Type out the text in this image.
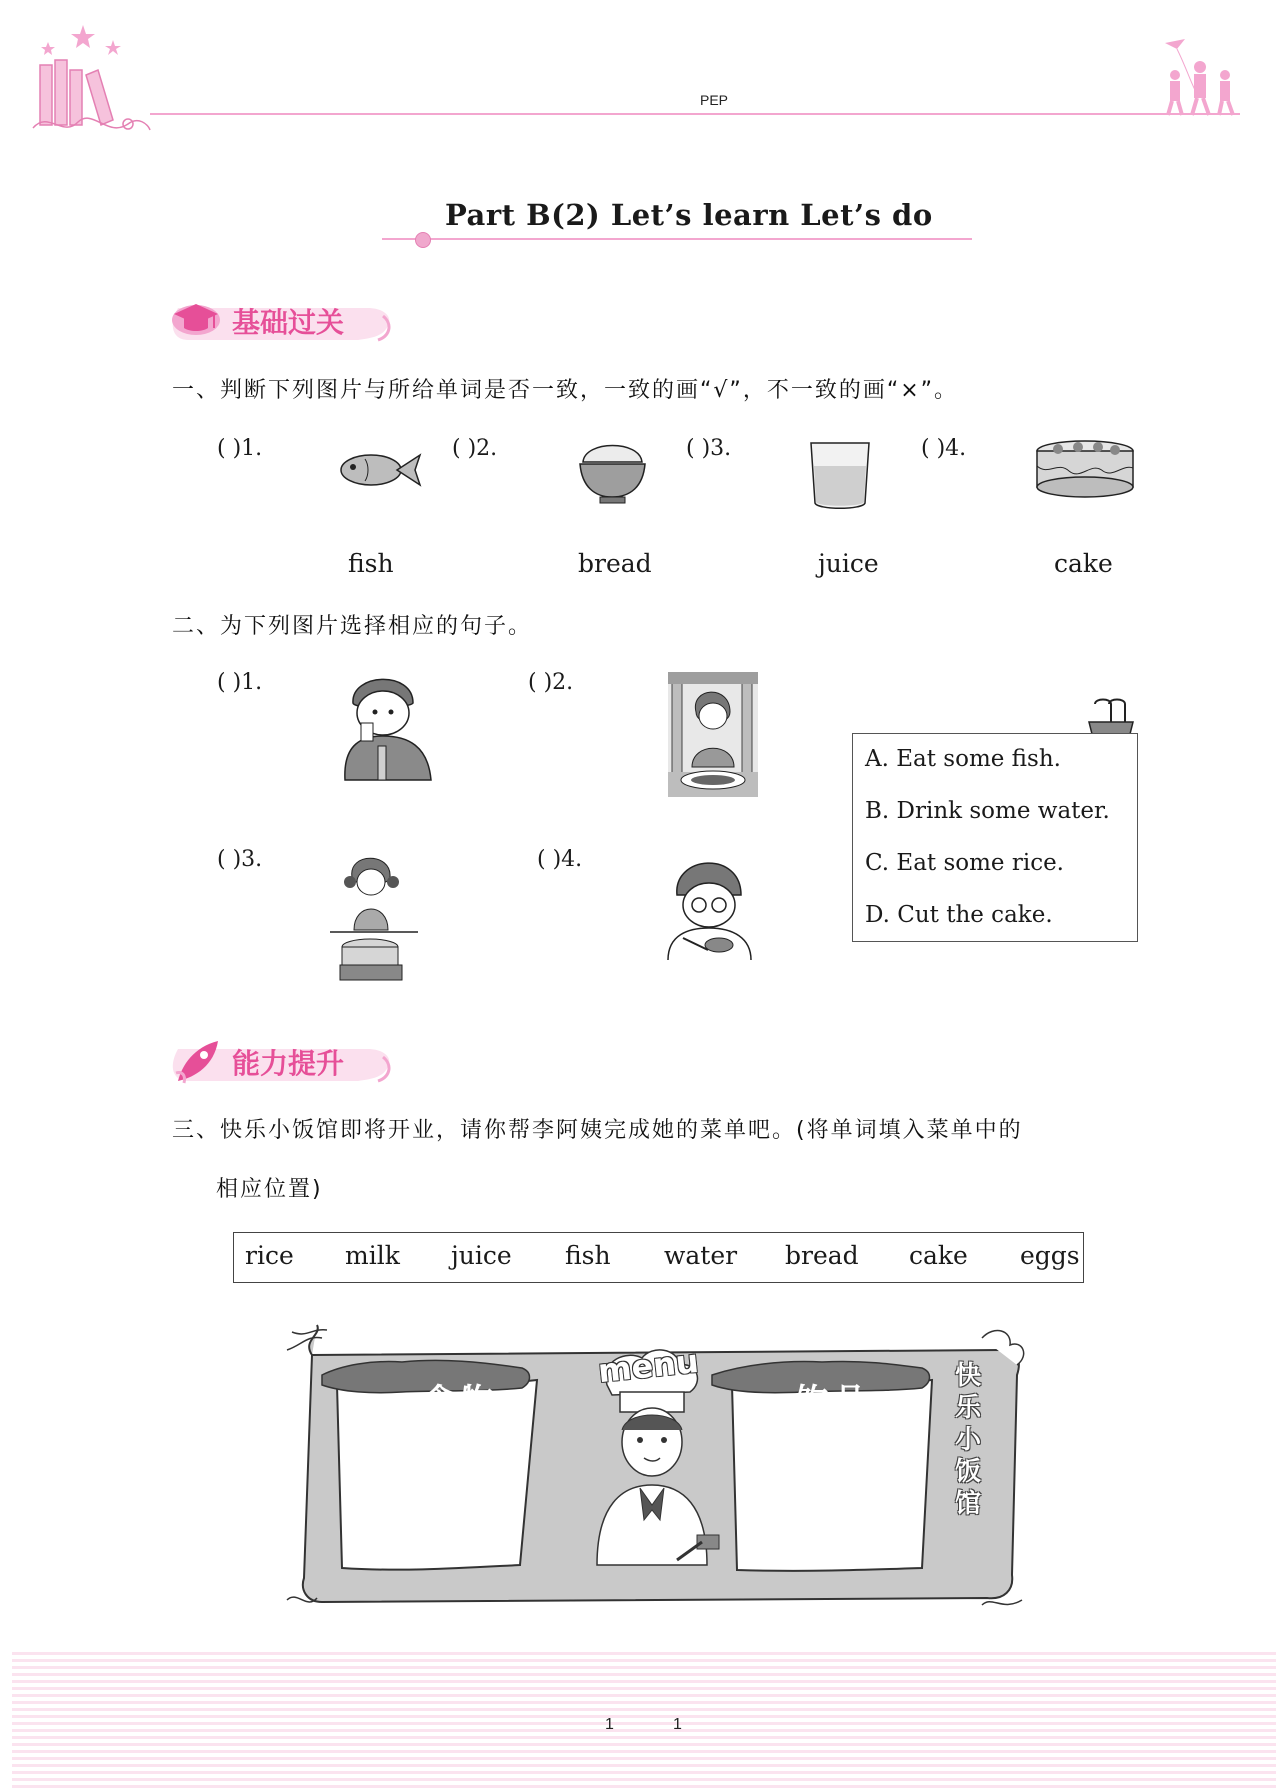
PEP
Part B(2) Let’s learn Let’s do
基础过关
一、判断下列图片与所给单词是否一致，一致的画“√”，不一致的画“×”。
( )1.	( )2.	( )3.	( )4.
fish	bread	juice	cake
二、为下列图片选择相应的句子。
( )1.	( )2.
( )3.	( )4.
A. Eat some fish.
B. Drink some water.
C. Eat some rice.
D. Cut the cake.
能力提升
三、快乐小饭馆即将开业，请你帮李阿姨完成她的菜单吧。(将单词填入菜单中的
相应位置)
rice milk juice fish water bread cake eggs
食物	饮品
menu	快
乐
小
饭
馆
1	1
